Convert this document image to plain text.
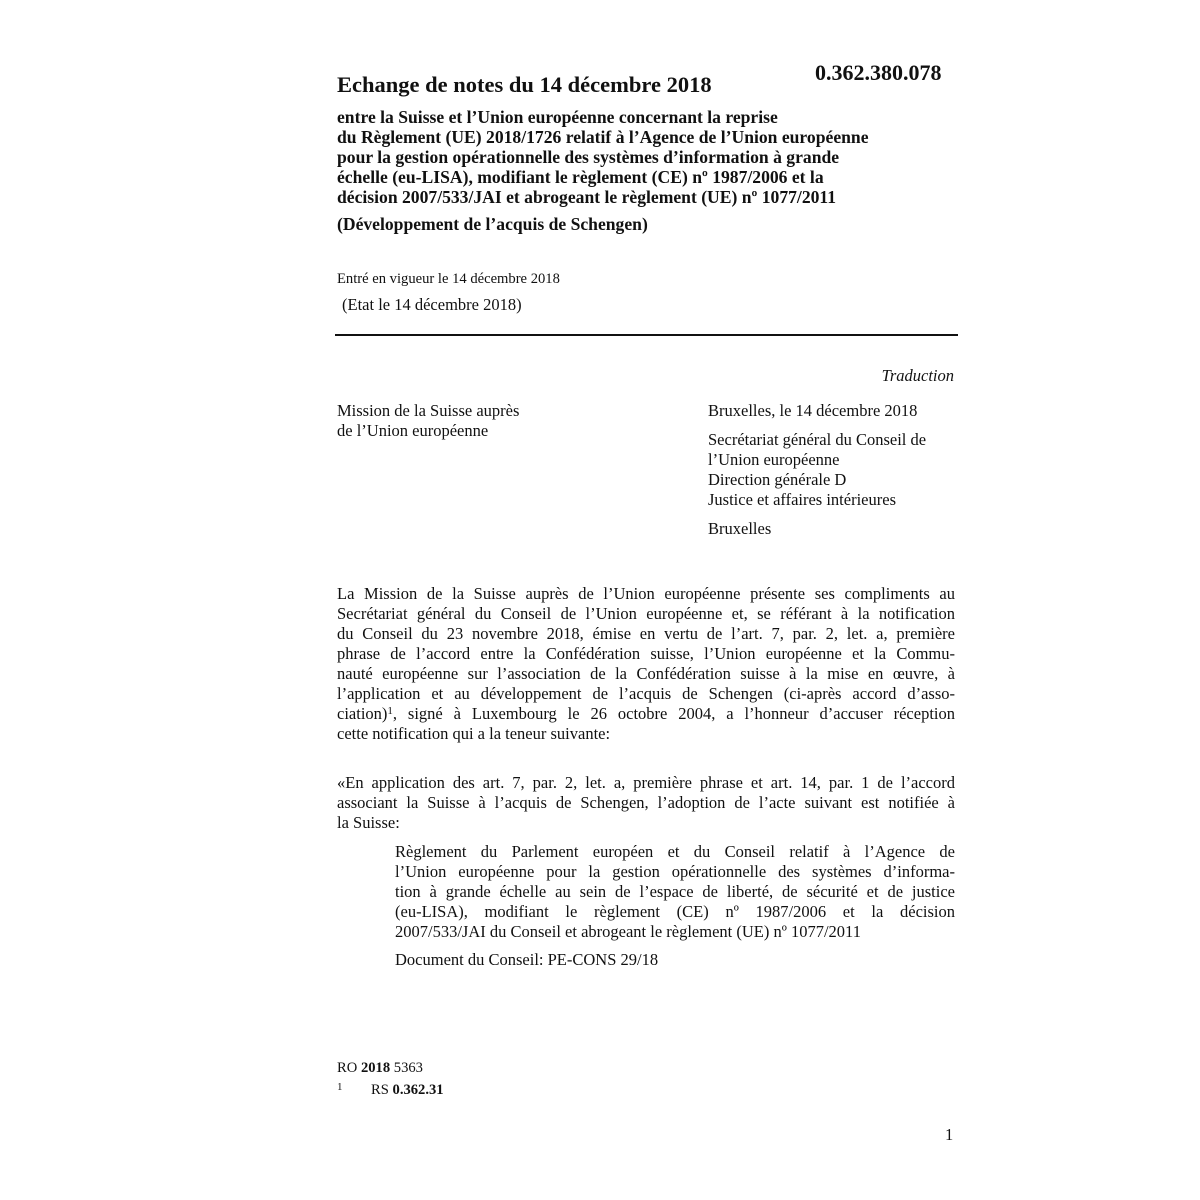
0.362.380.078
Echange de notes du 14 décembre 2018
entre la Suisse et l’Union européenne concernant la reprise
du Règlement (UE) 2018/1726 relatif à l’Agence de l’Union européenne
pour la gestion opérationnelle des systèmes d’information à grande
échelle (eu-LISA), modifiant le règlement (CE) nº 1987/2006 et la
décision 2007/533/JAI et abrogeant le règlement (UE) nº 1077/2011
(Développement de l’acquis de Schengen)
Entré en vigueur le 14 décembre 2018
(Etat le 14 décembre 2018)
Traduction
Mission de la Suisse auprès
de l’Union européenne
Bruxelles, le 14 décembre 2018
Secrétariat général du Conseil de
l’Union européenne
Direction générale D
Justice et affaires intérieures
Bruxelles
La Mission de la Suisse auprès de l’Union européenne présente ses compliments au
Secrétariat général du Conseil de l’Union européenne et, se référant à la notification
du Conseil du 23 novembre 2018, émise en vertu de l’art. 7, par. 2, let. a, première
phrase de l’accord entre la Confédération suisse, l’Union européenne et la Commu-
nauté européenne sur l’association de la Confédération suisse à la mise en œuvre, à
l’application et au développement de l’acquis de Schengen (ci-après accord d’asso-
ciation)$^1$, signé à Luxembourg le 26 octobre 2004, a l’honneur d’accuser réception
cette notification qui a la teneur suivante:
«En application des art. 7, par. 2, let. a, première phrase et art. 14, par. 1 de l’accord
associant la Suisse à l’acquis de Schengen, l’adoption de l’acte suivant est notifiée à
la Suisse:
Règlement du Parlement européen et du Conseil relatif à l’Agence de
l’Union européenne pour la gestion opérationnelle des systèmes d’informa-
tion à grande échelle au sein de l’espace de liberté, de sécurité et de justice
(eu-LISA), modifiant le règlement (CE) nº 1987/2006 et la décision
2007/533/JAI du Conseil et abrogeant le règlement (UE) nº 1077/2011
Document du Conseil: PE-CONS 29/18
RO 2018 5363
1 RS 0.362.31
1
